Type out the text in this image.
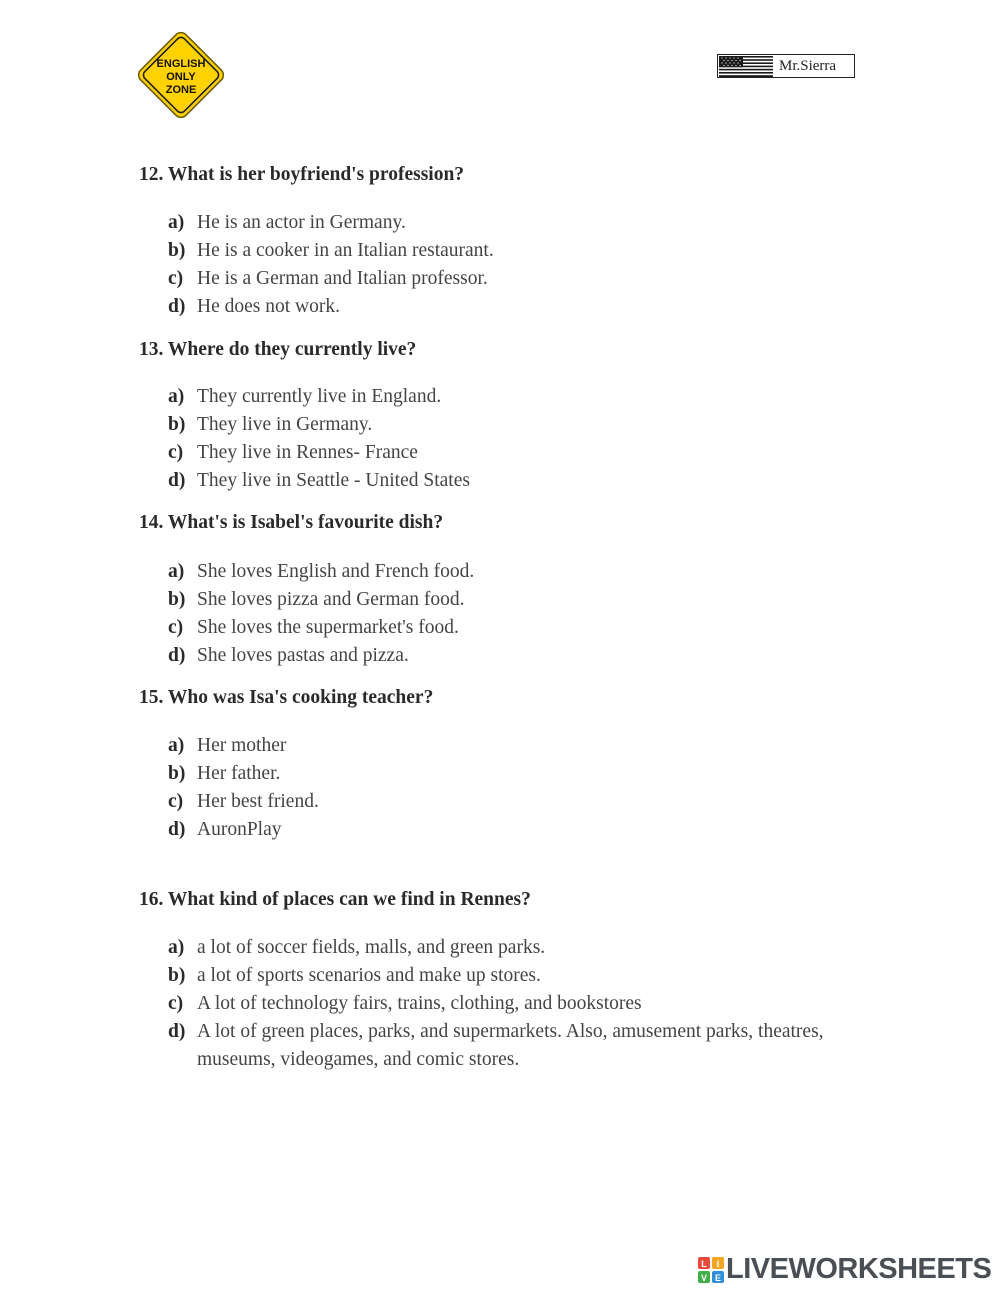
ENGLISH
ONLY
ZONE
Mr.Sierra

12. What is her boyfriend's profession?

a) He is an actor in Germany.
b) He is a cooker in an Italian restaurant.
c) He is a German and Italian professor.
d) He does not work.

13. Where do they currently live?

a) They currently live in England.
b) They live in Germany.
c) They live in Rennes- France
d) They live in Seattle - United States

14. What's is Isabel's favourite dish?

a) She loves English and French food.
b) She loves pizza and German food.
c) She loves the supermarket's food.
d) She loves pastas and pizza.

15. Who was Isa's cooking teacher?

a) Her mother
b) Her father.
c) Her best friend.
d) AuronPlay

16. What kind of places can we find in Rennes?

a) a lot of soccer fields, malls, and green parks.
b) a lot of sports scenarios and make up stores.
c) A lot of technology fairs, trains, clothing, and bookstores
d) A lot of green places, parks, and supermarkets. Also, amusement parks, theatres, museums, videogames, and comic stores.
L I
V E LIVEWORKSHEETS
